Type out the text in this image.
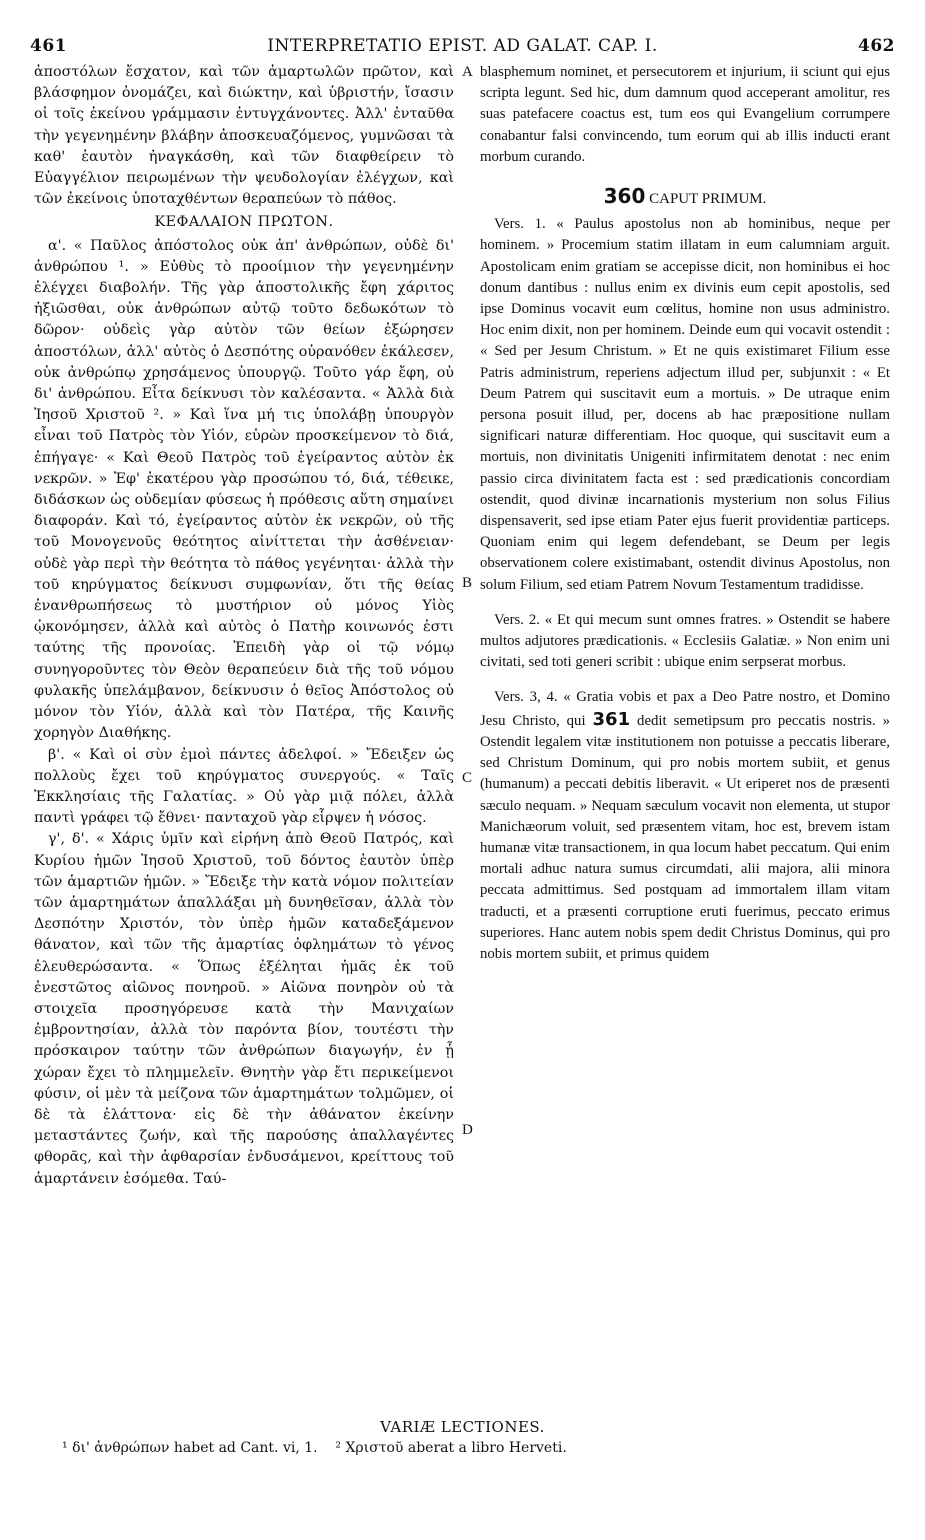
461	INTERPRETATIO EPIST. AD GALAT. CAP. I.	462

ἀποστόλων ἔσχατον, καὶ τῶν ἁμαρτωλῶν πρῶτον, καὶ βλάσφημον ὀνομάζει, καὶ διώκτην, καὶ ὑβριστήν, ἴσασιν οἱ τοῖς ἐκείνου γράμμασιν ἐντυγχάνοντες. Ἀλλ' ἐνταῦθα τὴν γεγενημένην βλάβην ἀποσκευαζόμενος, γυμνῶσαι τὰ καθ' ἑαυτὸν ἠναγκάσθη, καὶ τῶν διαφθείρειν τὸ Εὐαγγέλιον πειρωμένων τὴν ψευδολογίαν ἐλέγχων, καὶ τῶν ἐκείνοις ὑποταχθέντων θεραπεύων τὸ πάθος.

ΚΕΦΑΛΑΙΟΝ ΠΡΩΤΟΝ.

α'. « Παῦλος ἀπόστολος οὐκ ἀπ' ἀνθρώπων, οὐδὲ δι' ἀνθρώπου ¹. » Εὐθὺς τὸ προοίμιον τὴν γεγενημένην ἐλέγχει διαβολήν. Τῆς γὰρ ἀποστολικῆς ἔφη χάριτος ἠξιῶσθαι, οὐκ ἀνθρώπων αὐτῷ τοῦτο δεδωκότων τὸ δῶρον· οὐδεὶς γὰρ αὐτὸν τῶν θείων ἐξώρησεν ἀποστόλων, ἀλλ' αὐτὸς ὁ Δεσπότης οὐρανόθεν ἐκάλεσεν, οὐκ ἀνθρώπῳ χρησάμενος ὑπουργῷ. Τοῦτο γάρ ἔφη, οὐ δι' ἀνθρώπου. Εἶτα δείκνυσι τὸν καλέσαντα. « Ἀλλὰ διὰ Ἰησοῦ Χριστοῦ ². » Καὶ ἵνα μή τις ὑπολάβῃ ὑπουργὸν εἶναι τοῦ Πατρὸς τὸν Υἱόν, εὑρὼν προσκείμενον τὸ διά, ἐπήγαγε· « Καὶ Θεοῦ Πατρὸς τοῦ ἐγείραντος αὐτὸν ἐκ νεκρῶν. » Ἐφ' ἑκατέρου γὰρ προσώπου τό, διά, τέθεικε, διδάσκων ὡς οὐδεμίαν φύσεως ἡ πρόθεσις αὕτη σημαίνει διαφοράν. Καὶ τό, ἐγείραντος αὐτὸν ἐκ νεκρῶν, οὐ τῆς τοῦ Μονογενοῦς θεότητος αἰνίττεται τὴν ἀσθένειαν· οὐδὲ γὰρ περὶ τὴν θεότητα τὸ πάθος γεγένηται· ἀλλὰ τὴν τοῦ κηρύγματος δείκνυσι συμφωνίαν, ὅτι τῆς θείας ἐνανθρωπήσεως τὸ μυστήριον οὐ μόνος Υἱὸς ᾠκονόμησεν, ἀλλὰ καὶ αὐτὸς ὁ Πατὴρ κοινωνός ἐστι ταύτης τῆς προνοίας. Ἐπειδὴ γὰρ οἱ τῷ νόμῳ συνηγοροῦντες τὸν Θεὸν θεραπεύειν διὰ τῆς τοῦ νόμου φυλακῆς ὑπελάμβανον, δείκνυσιν ὁ θεῖος Ἀπόστολος οὐ μόνον τὸν Υἱόν, ἀλλὰ καὶ τὸν Πατέρα, τῆς Καινῆς χορηγὸν Διαθήκης.

β'. « Καὶ οἱ σὺν ἐμοὶ πάντες ἀδελφοί. » Ἔδειξεν ὡς πολλοὺς ἔχει τοῦ κηρύγματος συνεργούς. « Ταῖς Ἐκκλησίαις τῆς Γαλατίας. » Οὐ γὰρ μιᾷ πόλει, ἀλλὰ παντὶ γράφει τῷ ἔθνει· πανταχοῦ γὰρ εἷρψεν ἡ νόσος.

γ', δ'. « Χάρις ὑμῖν καὶ εἰρήνη ἀπὸ Θεοῦ Πατρός, καὶ Κυρίου ἡμῶν Ἰησοῦ Χριστοῦ, τοῦ δόντος ἑαυτὸν ὑπὲρ τῶν ἁμαρτιῶν ἡμῶν. » Ἔδειξε τὴν κατὰ νόμον πολιτείαν τῶν ἁμαρτημάτων ἀπαλλάξαι μὴ δυνηθεῖσαν, ἀλλὰ τὸν Δεσπότην Χριστόν, τὸν ὑπὲρ ἡμῶν καταδεξάμενον θάνατον, καὶ τῶν τῆς ἁμαρτίας ὀφλημάτων τὸ γένος ἐλευθερώσαντα. « Ὅπως ἐξέληται ἡμᾶς ἐκ τοῦ ἐνεστῶτος αἰῶνος πονηροῦ. » Αἰῶνα πονηρὸν οὐ τὰ στοιχεῖα προσηγόρευσε κατὰ τὴν Μανιχαίων ἐμβροντησίαν, ἀλλὰ τὸν παρόντα βίον, τουτέστι τὴν πρόσκαιρον ταύτην τῶν ἀνθρώπων διαγωγήν, ἐν ᾗ χώραν ἔχει τὸ πλημμελεῖν. Θνητὴν γὰρ ἔτι περικείμενοι φύσιν, οἱ μὲν τὰ μείζονα τῶν ἁμαρτημάτων τολμῶμεν, οἱ δὲ τὰ ἐλάττονα· εἰς δὲ τὴν ἀθάνατον ἐκείνην μεταστάντες ζωήν, καὶ τῆς παρούσης ἀπαλλαγέντες φθορᾶς, καὶ τὴν ἀφθαρσίαν ἐνδυσάμενοι, κρείττους τοῦ ἁμαρτάνειν ἐσόμεθα. Ταύ-

A
B
C
D

blasphemum nominet, et persecutorem et injurium, ii sciunt qui ejus scripta legunt. Sed hic, dum damnum quod acceperant amolitur, res suas patefacere coactus est, tum eos qui Evangelium corrumpere conabantur falsi convincendo, tum eorum qui ab illis inducti erant morbum curando.

360 CAPUT PRIMUM.

Vers. 1. « Paulus apostolus non ab hominibus, neque per hominem. » Procemium statim illatam in eum calumniam arguit. Apostolicam enim gratiam se accepisse dicit, non hominibus ei hoc donum dantibus : nullus enim ex divinis eum cepit apostolis, sed ipse Dominus vocavit eum cœlitus, homine non usus administro. Hoc enim dixit, non per hominem. Deinde eum qui vocavit ostendit : « Sed per Jesum Christum. » Et ne quis existimaret Filium esse Patris administrum, reperiens adjectum illud per, subjunxit : « Et Deum Patrem qui suscitavit eum a mortuis. » De utraque enim persona posuit illud, per, docens ab hac præpositione nullam significari naturæ differentiam. Hoc quoque, qui suscitavit eum a mortuis, non divinitatis Unigeniti infirmitatem denotat : nec enim passio circa divinitatem facta est : sed prædicationis concordiam ostendit, quod divinæ incarnationis mysterium non solus Filius dispensaverit, sed ipse etiam Pater ejus fuerit providentiæ particeps. Quoniam enim qui legem defendebant, se Deum per legis observationem colere existimabant, ostendit divinus Apostolus, non solum Filium, sed etiam Patrem Novum Testamentum tradidisse.

Vers. 2. « Et qui mecum sunt omnes fratres. » Ostendit se habere multos adjutores prædicationis. « Ecclesiis Galatiæ. » Non enim uni civitati, sed toti generi scribit : ubique enim serpserat morbus.

Vers. 3, 4. « Gratia vobis et pax a Deo Patre nostro, et Domino Jesu Christo, qui 361 dedit semetipsum pro peccatis nostris. » Ostendit legalem vitæ institutionem non potuisse a peccatis liberare, sed Christum Dominum, qui pro nobis mortem subiit, et genus (humanum) a peccati debitis liberavit. « Ut eriperet nos de præsenti sæculo nequam. » Nequam sæculum vocavit non elementa, ut stupor Manichæorum voluit, sed præsentem vitam, hoc est, brevem istam humanæ vitæ transactionem, in qua locum habet peccatum. Qui enim mortali adhuc natura sumus circumdati, alii majora, alii minora peccata admittimus. Sed postquam ad immortalem illam vitam traducti, et a præsenti corruptione eruti fuerimus, peccato erimus superiores. Hanc autem nobis spem dedit Christus Dominus, qui pro nobis mortem subiit, et primus quidem

VARIÆ LECTIONES.
¹ δι' ἀνθρώπων habet ad Cant. vi, 1. ² Χριστοῦ aberat a libro Herveti.
